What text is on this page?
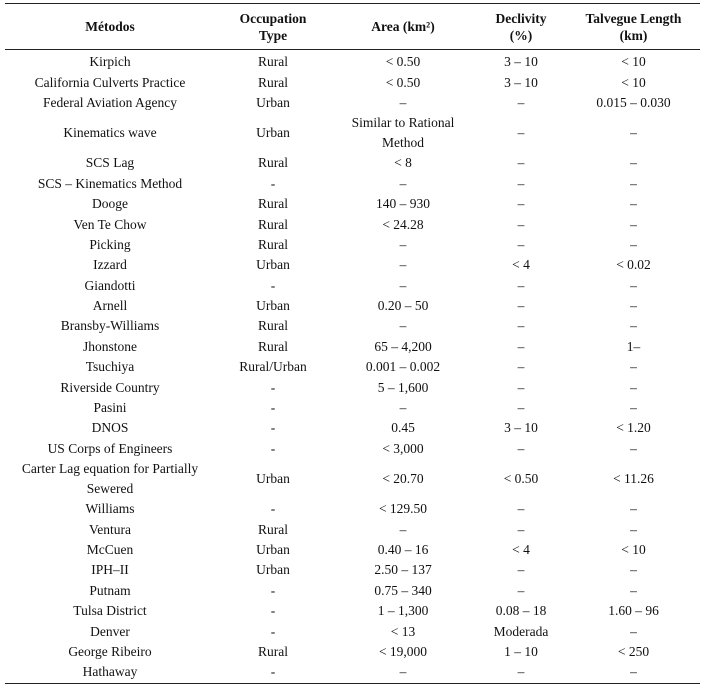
Métodos	Occupation Type	Area (km²)	Declivity (%)	Talvegue Length (km)
Kirpich	Rural	< 0.50	3 – 10	< 10
California Culverts Practice	Rural	< 0.50	3 – 10	< 10
Federal Aviation Agency	Urban	–	–	0.015 – 0.030
Kinematics wave	Urban	Similar to Rational Method	–	–
SCS Lag	Rural	< 8	–	–
SCS – Kinematics Method	-	–	–	–
Dooge	Rural	140 – 930	–	–
Ven Te Chow	Rural	< 24.28	–	–
Picking	Rural	–	–	–
Izzard	Urban	–	< 4	< 0.02
Giandotti	-	–	–	–
Arnell	Urban	0.20 – 50	–	–
Bransby-Williams	Rural	–	–	–
Jhonstone	Rural	65 – 4,200	–	1–
Tsuchiya	Rural/Urban	0.001 – 0.002	–	–
Riverside Country	-	5 – 1,600	–	–
Pasini	-	–	–	–
DNOS	-	0.45	3 – 10	< 1.20
US Corps of Engineers	-	< 3,000	–	–
Carter Lag equation for Partially Sewered	Urban	< 20.70	< 0.50	< 11.26
Williams	-	< 129.50	–	–
Ventura	Rural	–	–	–
McCuen	Urban	0.40 – 16	< 4	< 10
IPH–II	Urban	2.50 – 137	–	–
Putnam	-	0.75 – 340	–	–
Tulsa District	-	1 – 1,300	0.08 – 18	1.60 – 96
Denver	-	< 13	Moderada	–
George Ribeiro	Rural	< 19,000	1 – 10	< 250
Hathaway	-	–	–	–
